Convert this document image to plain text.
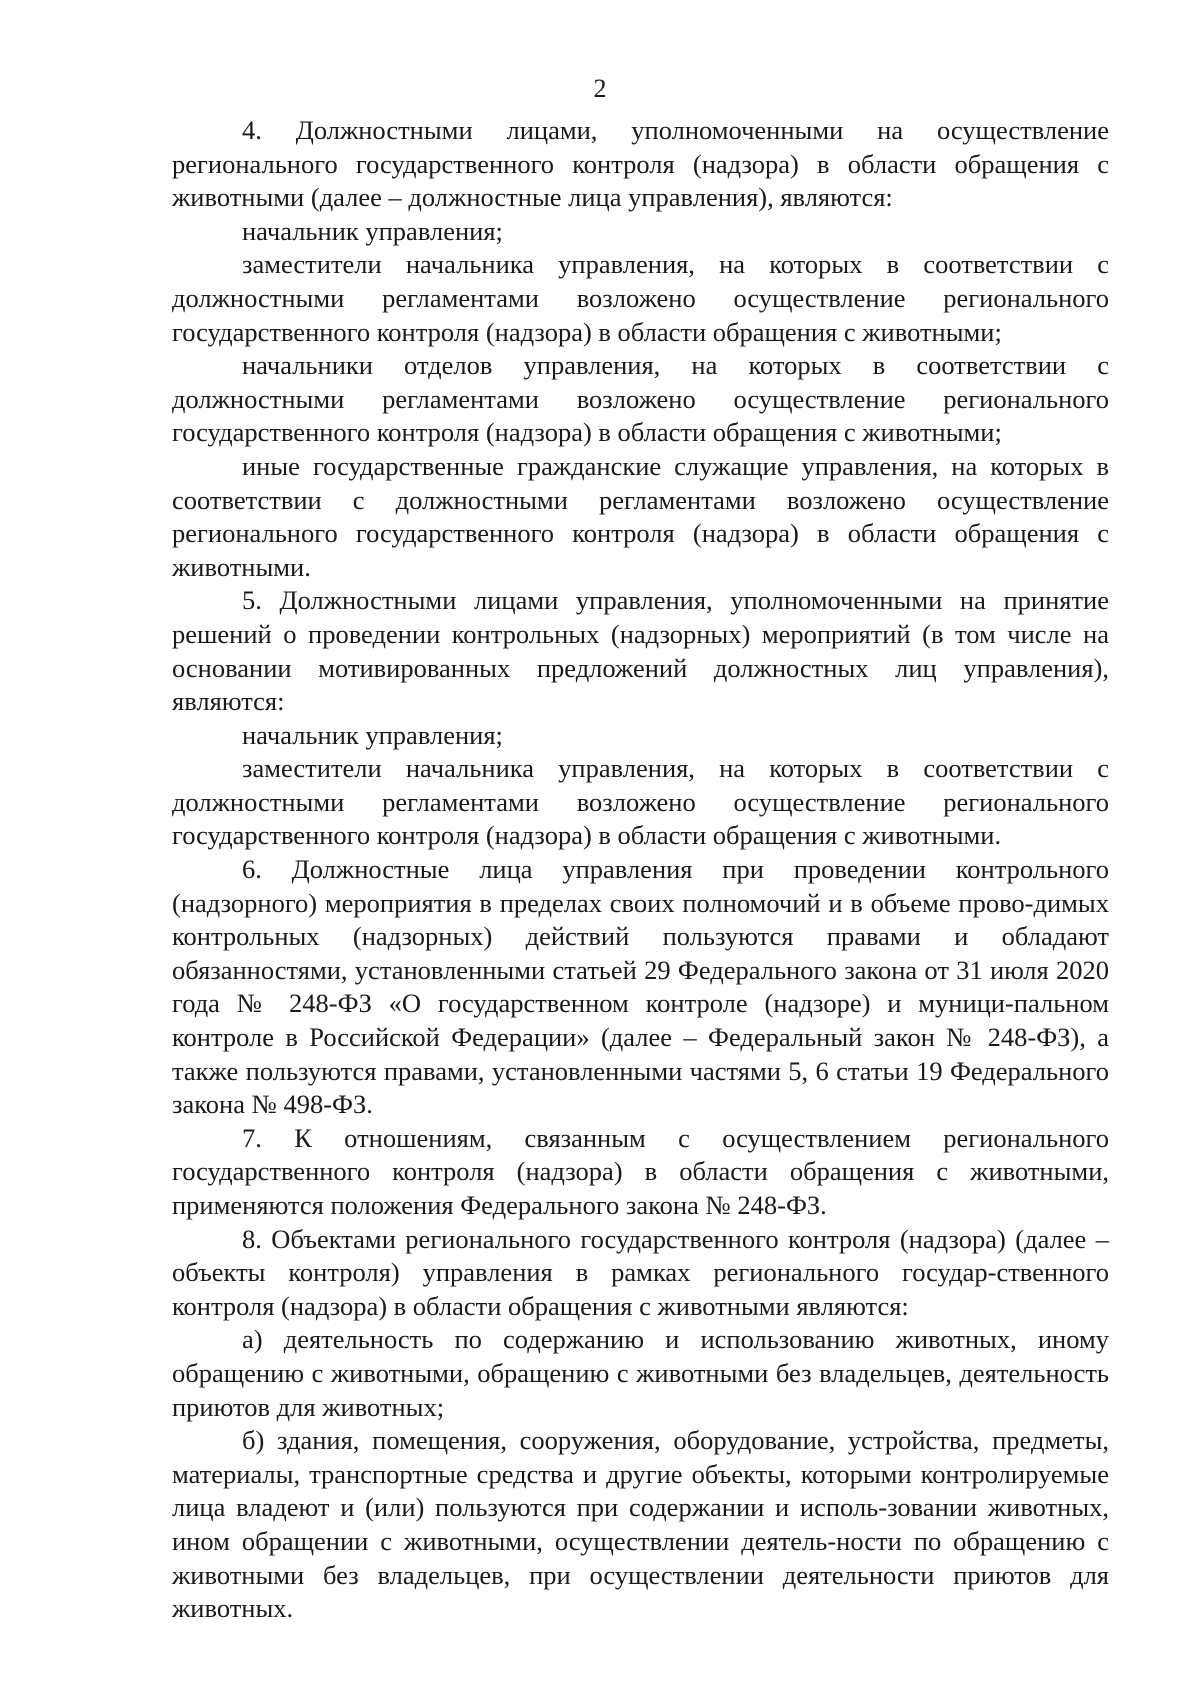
2

4. Должностными лицами, уполномоченными на осуществление регионального государственного контроля (надзора) в области обращения с животными (далее – должностные лица управления), являются:

начальник управления;

заместители начальника управления, на которых в соответствии с должностными регламентами возложено осуществление регионального государственного контроля (надзора) в области обращения с животными;

начальники отделов управления, на которых в соответствии с должностными регламентами возложено осуществление регионального государственного контроля (надзора) в области обращения с животными;

иные государственные гражданские служащие управления, на которых в соответствии с должностными регламентами возложено осуществление регионального государственного контроля (надзора) в области обращения с животными.

5. Должностными лицами управления, уполномоченными на принятие решений о проведении контрольных (надзорных) мероприятий (в том числе на основании мотивированных предложений должностных лиц управления), являются:

начальник управления;

заместители начальника управления, на которых в соответствии с должностными регламентами возложено осуществление регионального государственного контроля (надзора) в области обращения с животными.

6. Должностные лица управления при проведении контрольного (надзорного) мероприятия в пределах своих полномочий и в объеме прово-димых контрольных (надзорных) действий пользуются правами и обладают обязанностями, установленными статьей 29 Федерального закона от 31 июля 2020 года № 248-ФЗ «О государственном контроле (надзоре) и муници-пальном контроле в Российской Федерации» (далее – Федеральный закон № 248-ФЗ), а также пользуются правами, установленными частями 5, 6 статьи 19 Федерального закона № 498-ФЗ.

7. К отношениям, связанным с осуществлением регионального государственного контроля (надзора) в области обращения с животными, применяются положения Федерального закона № 248-ФЗ.

8. Объектами регионального государственного контроля (надзора) (далее – объекты контроля) управления в рамках регионального государ-ственного контроля (надзора) в области обращения с животными являются:

а) деятельность по содержанию и использованию животных, иному обращению с животными, обращению с животными без владельцев, деятельность приютов для животных;

б) здания, помещения, сооружения, оборудование, устройства, предметы, материалы, транспортные средства и другие объекты, которыми контролируемые лица владеют и (или) пользуются при содержании и исполь-зовании животных, ином обращении с животными, осуществлении деятель-ности по обращению с животными без владельцев, при осуществлении деятельности приютов для животных.
